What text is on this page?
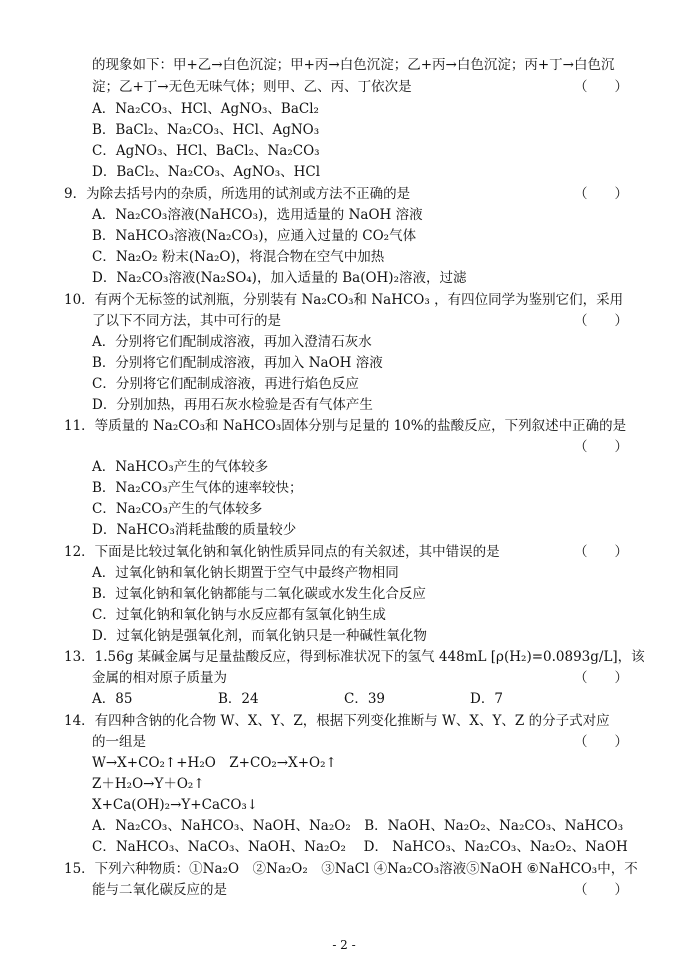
的现象如下：甲+乙→白色沉淀；甲+丙→白色沉淀；乙+丙→白色沉淀；丙+丁→白色沉
淀；乙+丁→无色无味气体；则甲、乙、丙、丁依次是	（　　）
A．Na₂CO₃、HCl、AgNO₃、BaCl₂
B．BaCl₂、Na₂CO₃、HCl、AgNO₃
C．AgNO₃、HCl、BaCl₂、Na₂CO₃
D．BaCl₂、Na₂CO₃、AgNO₃、HCl
9．为除去括号内的杂质，所选用的试剂或方法不正确的是	（　　）
A．Na₂CO₃溶液(NaHCO₃)，选用适量的 NaOH 溶液
B．NaHCO₃溶液(Na₂CO₃)，应通入过量的 CO₂气体
C．Na₂O₂ 粉末(Na₂O)，将混合物在空气中加热
D．Na₂CO₃溶液(Na₂SO₄)，加入适量的 Ba(OH)₂溶液，过滤
10．有两个无标签的试剂瓶，分别装有 Na₂CO₃和 NaHCO₃ ，有四位同学为鉴别它们，采用
了以下不同方法，其中可行的是	（　　）
A．分别将它们配制成溶液，再加入澄清石灰水
B．分别将它们配制成溶液，再加入 NaOH 溶液
C．分别将它们配制成溶液，再进行焰色反应
D．分别加热，再用石灰水检验是否有气体产生
11．等质量的 Na₂CO₃和 NaHCO₃固体分别与足量的 10%的盐酸反应，下列叙述中正确的是
（　　）
A．NaHCO₃产生的气体较多
B．Na₂CO₃产生气体的速率较快；
C．Na₂CO₃产生的气体较多
D．NaHCO₃消耗盐酸的质量较少
12．下面是比较过氧化钠和氧化钠性质异同点的有关叙述，其中错误的是	（　　）
A．过氧化钠和氧化钠长期置于空气中最终产物相同
B．过氧化钠和氧化钠都能与二氧化碳或水发生化合反应
C．过氧化钠和氧化钠与水反应都有氢氧化钠生成
D．过氧化钠是强氧化剂，而氧化钠只是一种碱性氧化物
13．1.56g 某碱金属与足量盐酸反应，得到标准状况下的氢气 448mL [ρ(H₂)=0.0893g/L]，该
金属的相对原子质量为	（　　）
A．85	B．24	C．39	D．7
14．有四种含钠的化合物 W、X、Y、Z，根据下列变化推断与 W、X、Y、Z 的分子式对应
的一组是	（　　）
W→X+CO₂↑+H₂O　Z+CO₂→X+O₂↑
Z＋H₂O→Y＋O₂↑
X+Ca(OH)₂→Y+CaCO₃↓
A．Na₂CO₃、NaHCO₃、NaOH、Na₂O₂　B．NaOH、Na₂O₂、Na₂CO₃、NaHCO₃
C．NaHCO₃、NaCO₃、NaOH、Na₂O₂　 D． NaHCO₃、Na₂CO₃、Na₂O₂、NaOH
15．下列六种物质：①Na₂O　②Na₂O₂　③NaCl ④Na₂CO₃溶液⑤NaOH ⑥NaHCO₃中，不
能与二氧化碳反应的是	（　　）
- 2 -
